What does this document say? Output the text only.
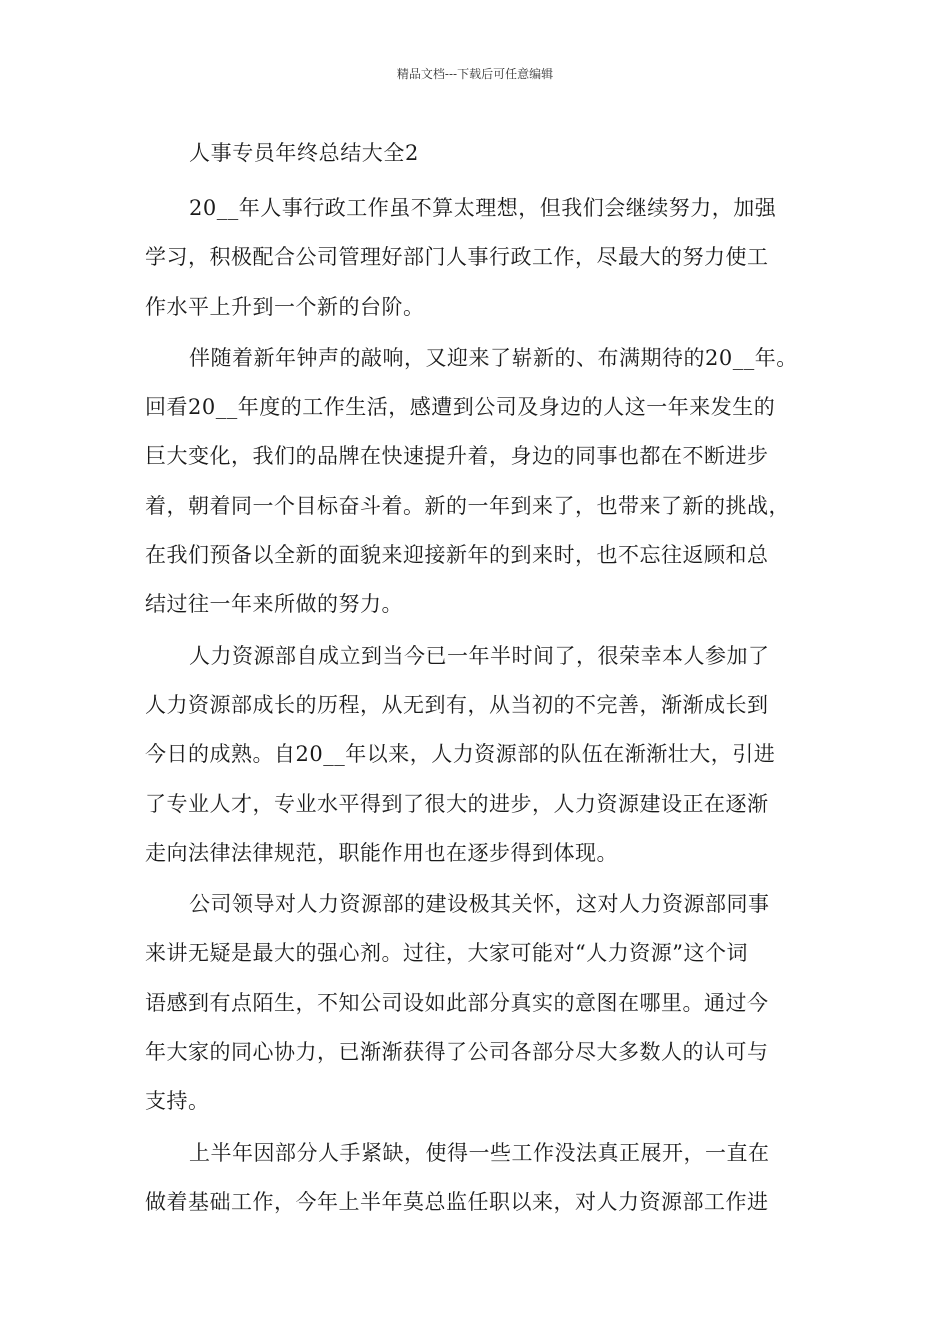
精品文档---下载后可任意编辑
人事专员年终总结大全2

20__年人事行政工作虽不算太理想，但我们会继续努力，加强
学习，积极配合公司管理好部门人事行政工作，尽最大的努力使工
作水平上升到一个新的台阶。

伴随着新年钟声的敲响，又迎来了崭新的、布满期待的20__年。
回看20__年度的工作生活，感遭到公司及身边的人这一年来发生的
巨大变化，我们的品牌在快速提升着，身边的同事也都在不断进步
着，朝着同一个目标奋斗着。新的一年到来了，也带来了新的挑战，
在我们预备以全新的面貌来迎接新年的到来时，也不忘往返顾和总
结过往一年来所做的努力。

人力资源部自成立到当今已一年半时间了，很荣幸本人参加了
人力资源部成长的历程，从无到有，从当初的不完善，渐渐成长到
今日的成熟。自20__年以来，人力资源部的队伍在渐渐壮大，引进
了专业人才，专业水平得到了很大的进步，人力资源建设正在逐渐
走向法律法律规范，职能作用也在逐步得到体现。

公司领导对人力资源部的建设极其关怀，这对人力资源部同事
来讲无疑是最大的强心剂。过往，大家可能对“人力资源”这个词
语感到有点陌生，不知公司设如此部分真实的意图在哪里。通过今
年大家的同心协力，已渐渐获得了公司各部分尽大多数人的认可与
支持。

上半年因部分人手紧缺，使得一些工作没法真正展开，一直在
做着基础工作，今年上半年莫总监任职以来，对人力资源部工作进
